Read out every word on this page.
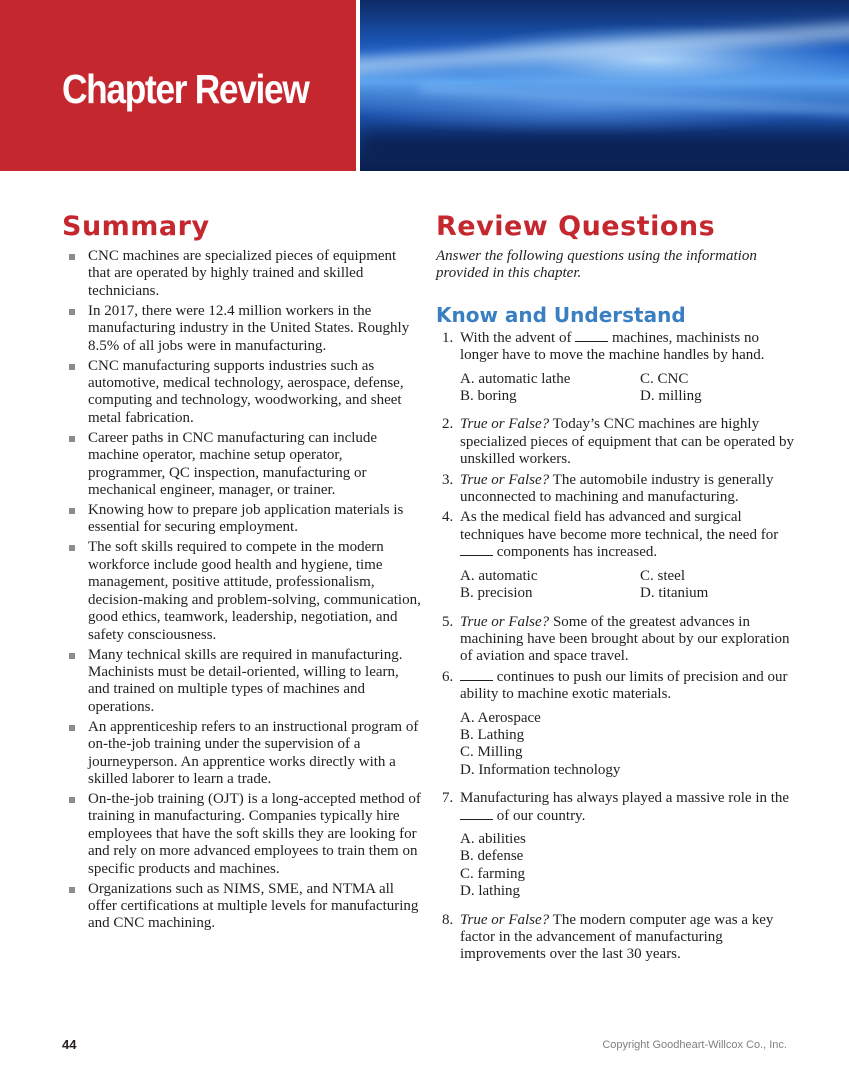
Chapter Review
Summary
CNC machines are specialized pieces of equipment that are operated by highly trained and skilled technicians.
In 2017, there were 12.4 million workers in the manufacturing industry in the United States. Roughly 8.5% of all jobs were in manufacturing.
CNC manufacturing supports industries such as automotive, medical technology, aerospace, defense, computing and technology, woodworking, and sheet metal fabrication.
Career paths in CNC manufacturing can include machine operator, machine setup operator, programmer, QC inspection, manufacturing or mechanical engineer, manager, or trainer.
Knowing how to prepare job application materials is essential for securing employment.
The soft skills required to compete in the modern workforce include good health and hygiene, time management, positive attitude, professionalism, decision-making and problem-solving, communication, good ethics, teamwork, leadership, negotiation, and safety consciousness.
Many technical skills are required in manufacturing. Machinists must be detail-oriented, willing to learn, and trained on multiple types of machines and operations.
An apprenticeship refers to an instructional program of on-the-job training under the supervision of a journeyperson. An apprentice works directly with a skilled laborer to learn a trade.
On-the-job training (OJT) is a long-accepted method of training in manufacturing. Companies typically hire employees that have the soft skills they are looking for and rely on more advanced employees to train them on specific products and machines.
Organizations such as NIMS, SME, and NTMA all offer certifications at multiple levels for manufacturing and CNC machining.
Review Questions

Answer the following questions using the information provided in this chapter.

Know and Understand
1. With the advent of	machines, machinists no longer have to move the machine handles by hand.
A. automatic lathe	C. CNC
B. boring	D. milling
2. True or False? Today’s CNC machines are highly specialized pieces of equipment that can be operated by unskilled workers.
3. True or False? The automobile industry is generally unconnected to machining and manufacturing.
4. As the medical field has advanced and surgical techniques have become more technical, the need for  components has increased.
A. automatic	C. steel
B. precision	D. titanium
5. True or False? Some of the greatest advances in machining have been brought about by our exploration of aviation and space travel.
6.	continues to push our limits of precision and our ability to machine exotic materials.
A. Aerospace
B. Lathing
C. Milling
D. Information technology
7. Manufacturing has always played a massive role in the  of our country.
A. abilities
B. defense
C. farming
D. lathing
8. True or False? The modern computer age was a key factor in the advancement of manufacturing improvements over the last 30 years.
44	Copyright Goodheart-Willcox Co., Inc.
